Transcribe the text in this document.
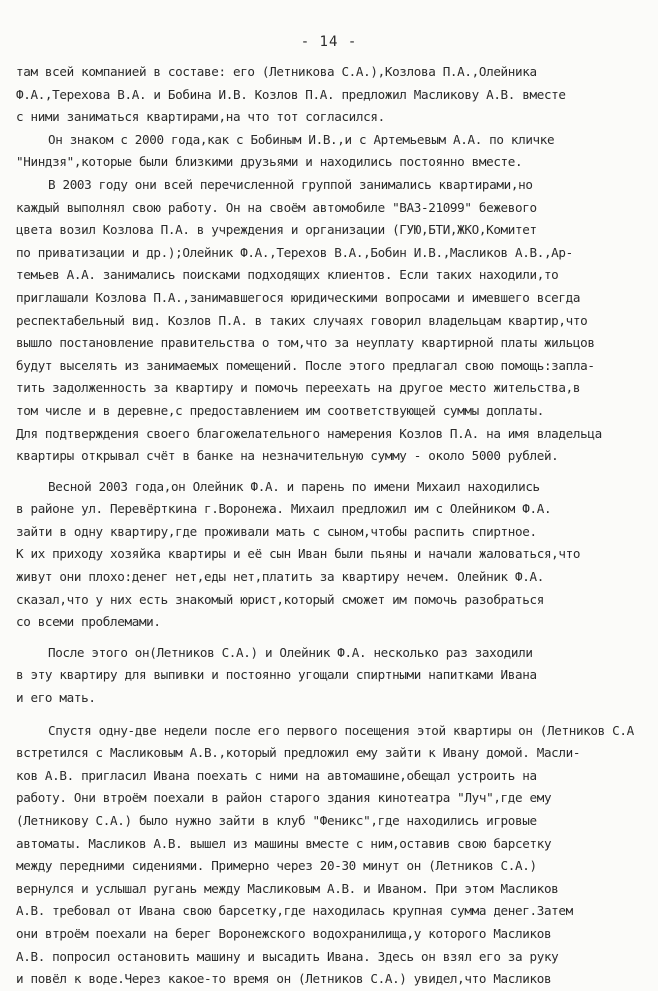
- 14 -
там всей компанией в составе: его (Летникова С.А.),Козлова П.А.,Олейника
Ф.А.,Терехова В.А. и Бобина И.В. Козлов П.А. предложил Масликову А.В. вместе
с ними заниматься квартирами,на что тот согласился.
Он знаком с 2000 года,как с Бобиным И.В.,и с Артемьевым А.А. по кличке
"Ниндзя",которые были близкими друзьями и находились постоянно вместе.
В 2003 году они всей перечисленной группой занимались квартирами,но
каждый выполнял свою работу. Он на своём автомобиле "ВАЗ-21099" бежевого
цвета возил Козлова П.А. в учреждения и организации (ГУЮ,БТИ,ЖКО,Комитет
по приватизации и др.);Олейник Ф.А.,Терехов В.А.,Бобин И.В.,Масликов А.В.,Ар-
темьев А.А. занимались поисками подходящих клиентов. Если таких находили,то
приглашали Козлова П.А.,занимавшегося юридическими вопросами и имевшего всегда
респектабельный вид. Козлов П.А. в таких случаях говорил владельцам квартир,что
вышло постановление правительства о том,что за неуплату квартирной платы жильцов
будут выселять из занимаемых помещений. После этого предлагал свою помощь:запла-
тить задолженность за квартиру и помочь переехать на другое место жительства,в
том числе и в деревне,с предоставлением им соответствующей суммы доплаты.
Для подтверждения своего благожелательного намерения Козлов П.А. на имя владельца
квартиры открывал счёт в банке на незначительную сумму - около 5000 рублей.
Весной 2003 года,он Олейник Ф.А. и парень по имени Михаил находились
в районе ул. Перевёрткина г.Воронежа. Михаил предложил им с Олейником Ф.А.
зайти в одну квартиру,где проживали мать с сыном,чтобы распить спиртное.
К их приходу хозяйка квартиры и её сын Иван были пьяны и начали жаловаться,что
живут они плохо:денег нет,еды нет,платить за квартиру нечем. Олейник Ф.А.
сказал,что у них есть знакомый юрист,который сможет им помочь разобраться
со всеми проблемами.
После этого он(Летников С.А.) и Олейник Ф.А. несколько раз заходили
в эту квартиру для выпивки и постоянно угощали спиртными напитками Ивана
и его мать.
Спустя одну-две недели после его первого посещения этой квартиры он (Летников С.А
встретился с Масликовым А.В.,который предложил ему зайти к Ивану домой. Масли-
ков А.В. пригласил Ивана поехать с ними на автомашине,обещал устроить на
работу. Они втроём поехали в район старого здания кинотеатра "Луч",где ему
(Летникову С.А.) было нужно зайти в клуб "Феникс",где находились игровые
автоматы. Масликов А.В. вышел из машины вместе с ним,оставив свою барсетку
между передними сидениями. Примерно через 20-30 минут он (Летников С.А.)
вернулся и услышал ругань между Масликовым А.В. и Иваном. При этом Масликов
А.В. требовал от Ивана свою барсетку,где находилась крупная сумма денег.Затем
они втроём поехали на берег Воронежского водохранилища,у которого Масликов
А.В. попросил остановить машину и высадить Ивана. Здесь он взял его за руку
и повёл к воде.Через какое-то время он (Летников С.А.) увидел,что Масликов
